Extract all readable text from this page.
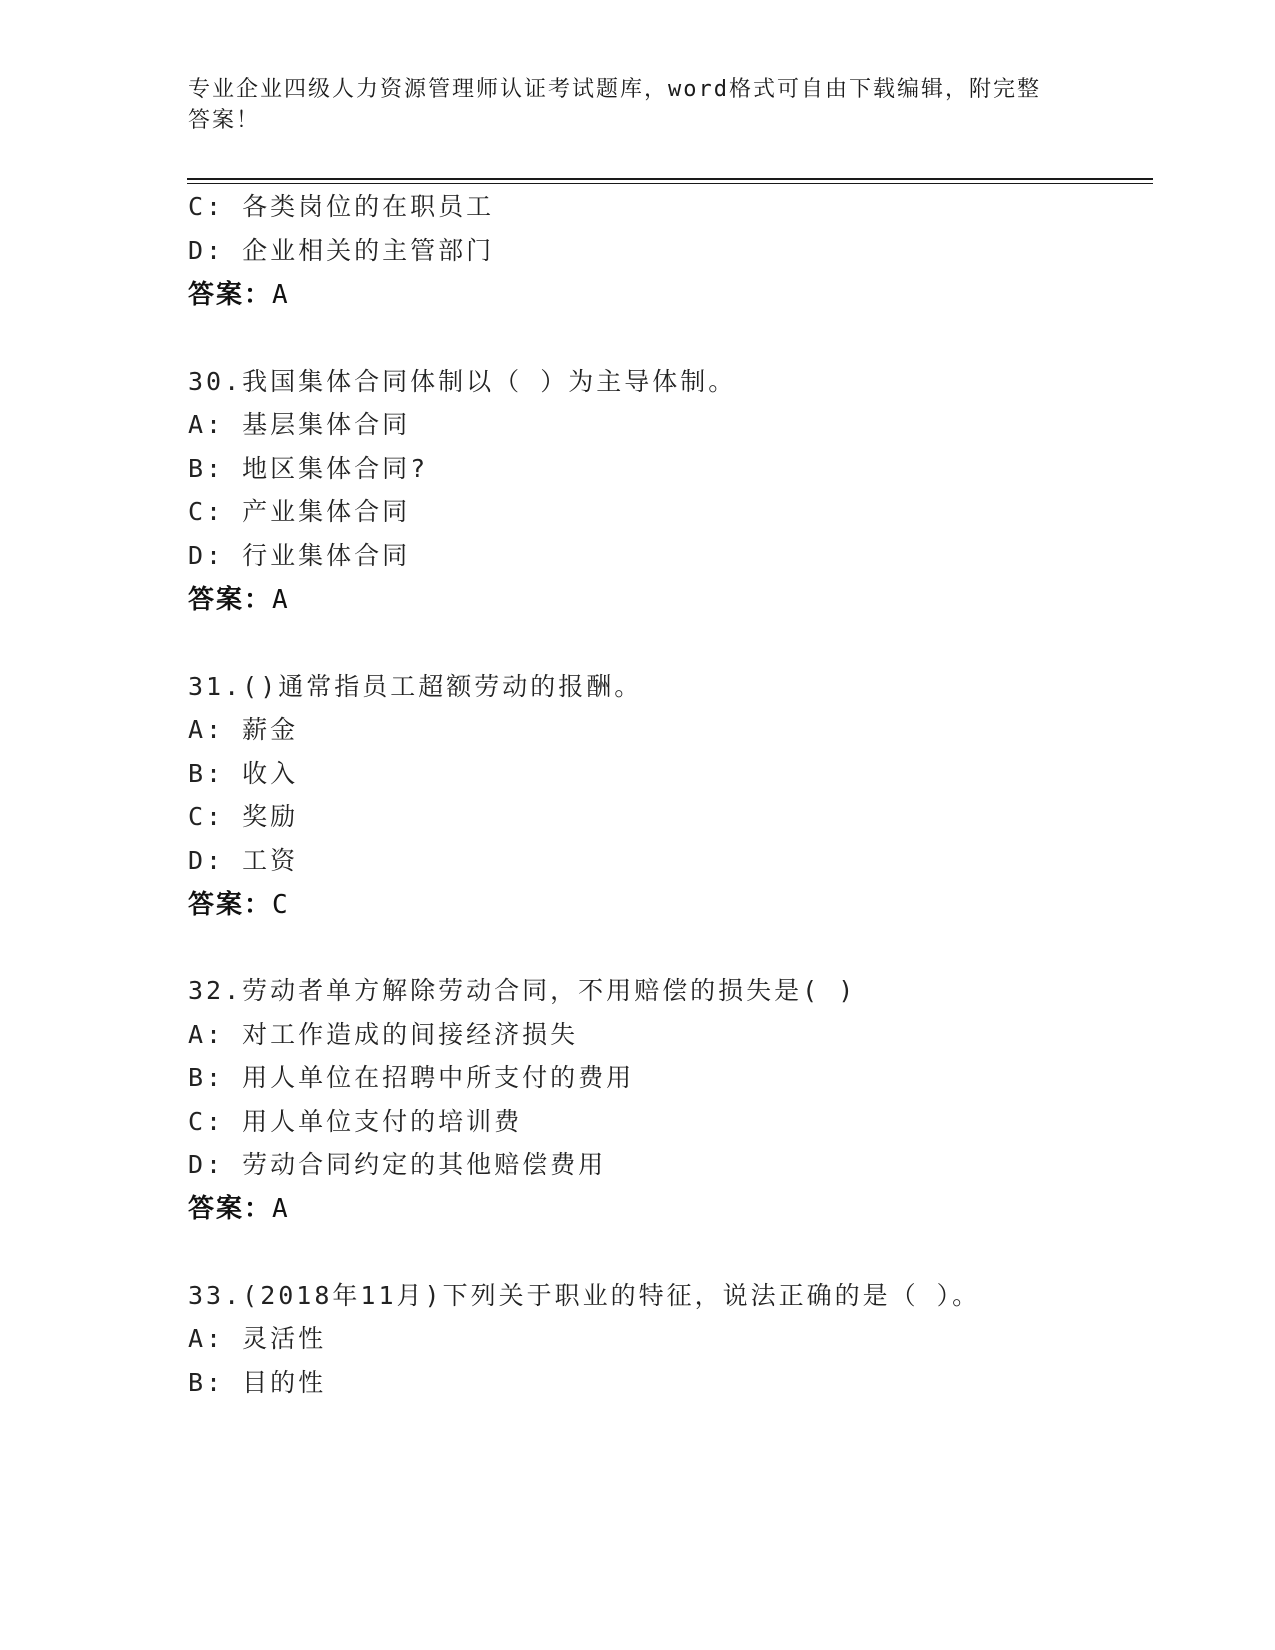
专业企业四级人力资源管理师认证考试题库，word格式可自由下载编辑，附完整
答案！
C: 各类岗位的在职员工
D: 企业相关的主管部门
答案：A
30.我国集体合同体制以（ ）为主导体制。
A: 基层集体合同
B: 地区集体合同?
C: 产业集体合同
D: 行业集体合同
答案：A
31.()通常指员工超额劳动的报酬。
A: 薪金
B: 收入
C: 奖励
D: 工资
答案：C
32.劳动者单方解除劳动合同，不用赔偿的损失是( )
A: 对工作造成的间接经济损失
B: 用人单位在招聘中所支付的费用
C: 用人单位支付的培训费
D: 劳动合同约定的其他赔偿费用
答案：A
33.(2018年11月)下列关于职业的特征，说法正确的是（ ）。
A: 灵活性
B: 目的性
